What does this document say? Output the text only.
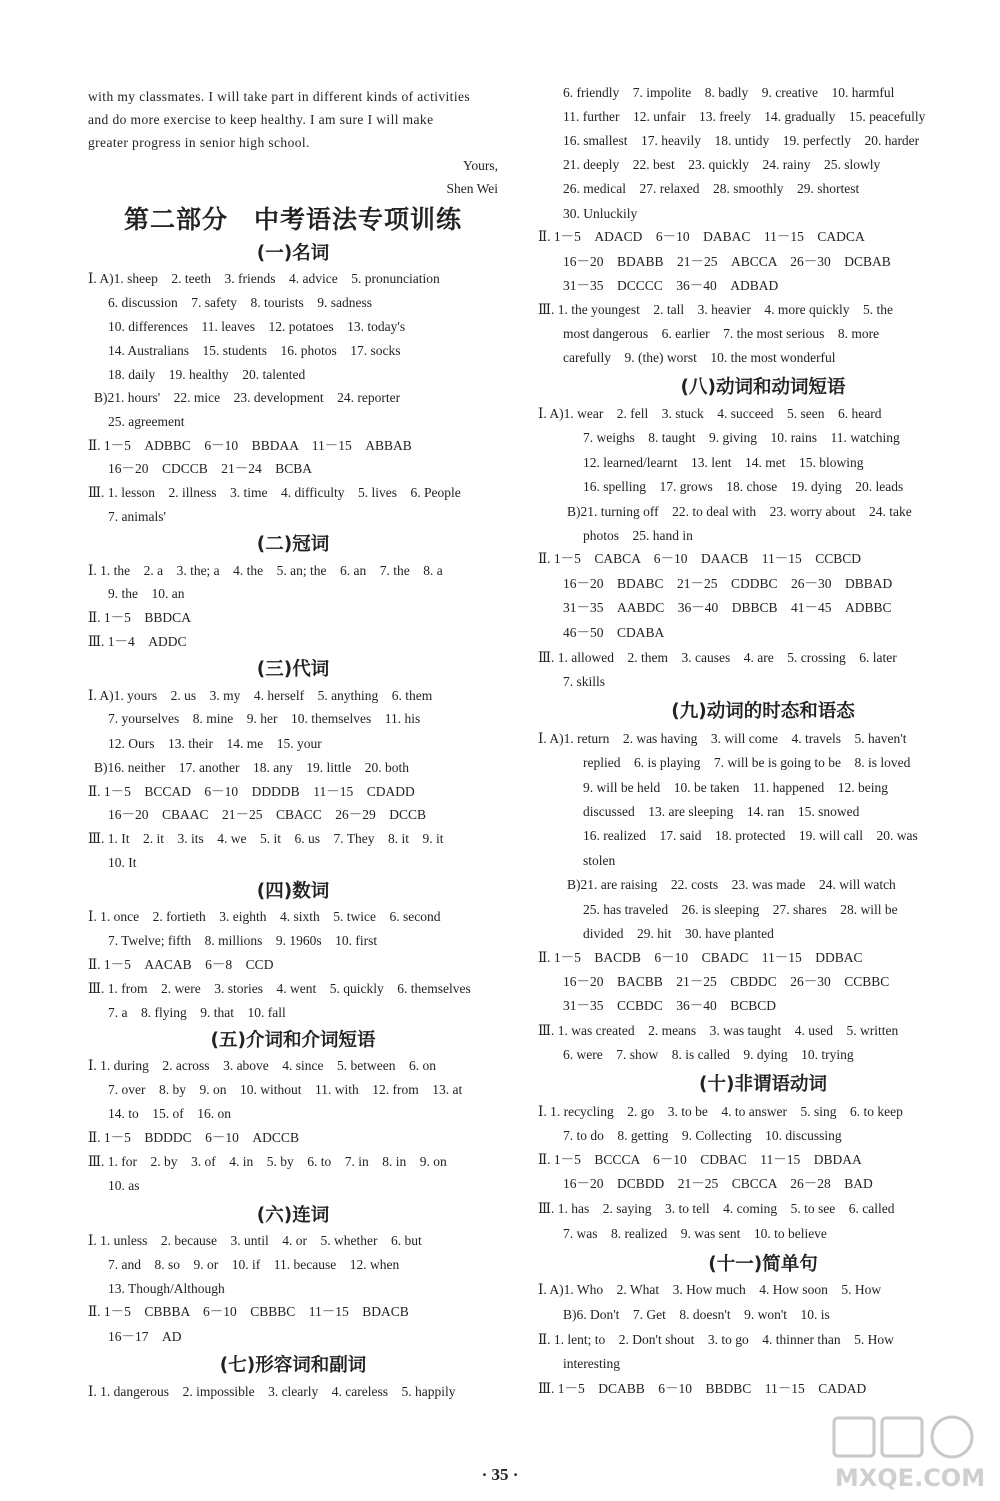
with my classmates. I will take part in different kinds of activities
and do more exercise to keep healthy. I am sure I will make
greater progress in senior high school.
Yours,
Shen Wei
第二部分　中考语法专项训练
(一)名词
Ⅰ. A)1. sheep　2. teeth　3. friends　4. advice　5. pronunciation
6. discussion　7. safety　8. tourists　9. sadness
10. differences　11. leaves　12. potatoes　13. today's
14. Australians　15. students　16. photos　17. socks
18. daily　19. healthy　20. talented
B)21. hours'　22. mice　23. development　24. reporter
25. agreement
Ⅱ. 1－5　ADBBC　6－10　BBDAA　11－15　ABBAB
16－20　CDCCB　21－24　BCBA
Ⅲ. 1. lesson　2. illness　3. time　4. difficulty　5. lives　6. People
7. animals'
(二)冠词
Ⅰ. 1. the　2. a　3. the; a　4. the　5. an; the　6. an　7. the　8. a
9. the　10. an
Ⅱ. 1－5　BBDCA
Ⅲ. 1－4　ADDC
(三)代词
Ⅰ. A)1. yours　2. us　3. my　4. herself　5. anything　6. them
7. yourselves　8. mine　9. her　10. themselves　11. his
12. Ours　13. their　14. me　15. your
B)16. neither　17. another　18. any　19. little　20. both
Ⅱ. 1－5　BCCAD　6－10　DDDDB　11－15　CDADD
16－20　CBAAC　21－25　CBACC　26－29　DCCB
Ⅲ. 1. It　2. it　3. its　4. we　5. it　6. us　7. They　8. it　9. it
10. It
(四)数词
Ⅰ. 1. once　2. fortieth　3. eighth　4. sixth　5. twice　6. second
7. Twelve; fifth　8. millions　9. 1960s　10. first
Ⅱ. 1－5　AACAB　6－8　CCD
Ⅲ. 1. from　2. were　3. stories　4. went　5. quickly　6. themselves
7. a　8. flying　9. that　10. fall
(五)介词和介词短语
Ⅰ. 1. during　2. across　3. above　4. since　5. between　6. on
7. over　8. by　9. on　10. without　11. with　12. from　13. at
14. to　15. of　16. on
Ⅱ. 1－5　BDDDC　6－10　ADCCB
Ⅲ. 1. for　2. by　3. of　4. in　5. by　6. to　7. in　8. in　9. on
10. as
(六)连词
Ⅰ. 1. unless　2. because　3. until　4. or　5. whether　6. but
7. and　8. so　9. or　10. if　11. because　12. when
13. Though/Although
Ⅱ. 1－5　CBBBA　6－10　CBBBC　11－15　BDACB
16－17　AD
(七)形容词和副词
Ⅰ. 1. dangerous　2. impossible　3. clearly　4. careless　5. happily
6. friendly　7. impolite　8. badly　9. creative　10. harmful
11. further　12. unfair　13. freely　14. gradually　15. peacefully
16. smallest　17. heavily　18. untidy　19. perfectly　20. harder
21. deeply　22. best　23. quickly　24. rainy　25. slowly
26. medical　27. relaxed　28. smoothly　29. shortest
30. Unluckily
Ⅱ. 1－5　ADACD　6－10　DABAC　11－15　CADCA
16－20　BDABB　21－25　ABCCA　26－30　DCBAB
31－35　DCCCC　36－40　ADBAD
Ⅲ. 1. the youngest　2. tall　3. heavier　4. more quickly　5. the
most dangerous　6. earlier　7. the most serious　8. more
carefully　9. (the) worst　10. the most wonderful
(八)动词和动词短语
Ⅰ. A)1. wear　2. fell　3. stuck　4. succeed　5. seen　6. heard
7. weighs　8. taught　9. giving　10. rains　11. watching
12. learned/learnt　13. lent　14. met　15. blowing
16. spelling　17. grows　18. chose　19. dying　20. leads
B)21. turning off　22. to deal with　23. worry about　24. take
photos　25. hand in
Ⅱ. 1－5　CABCA　6－10　DAACB　11－15　CCBCD
16－20　BDABC　21－25　CDDBC　26－30　DBBAD
31－35　AABDC　36－40　DBBCB　41－45　ADBBC
46－50　CDABA
Ⅲ. 1. allowed　2. them　3. causes　4. are　5. crossing　6. later
7. skills
(九)动词的时态和语态
Ⅰ. A)1. return　2. was having　3. will come　4. travels　5. haven't
replied　6. is playing　7. will be is going to be　8. is loved
9. will be held　10. be taken　11. happened　12. being
discussed　13. are sleeping　14. ran　15. snowed
16. realized　17. said　18. protected　19. will call　20. was
stolen
B)21. are raising　22. costs　23. was made　24. will watch
25. has traveled　26. is sleeping　27. shares　28. will be
divided　29. hit　30. have planted
Ⅱ. 1－5　BACDB　6－10　CBADC　11－15　DDBAC
16－20　BACBB　21－25　CBDDC　26－30　CCBBC
31－35　CCBDC　36－40　BCBCD
Ⅲ. 1. was created　2. means　3. was taught　4. used　5. written
6. were　7. show　8. is called　9. dying　10. trying
(十)非谓语动词
Ⅰ. 1. recycling　2. go　3. to be　4. to answer　5. sing　6. to keep
7. to do　8. getting　9. Collecting　10. discussing
Ⅱ. 1－5　BCCCA　6－10　CDBAC　11－15　DBDAA
16－20　DCBDD　21－25　CBCCA　26－28　BAD
Ⅲ. 1. has　2. saying　3. to tell　4. coming　5. to see　6. called
7. was　8. realized　9. was sent　10. to believe
(十一)简单句
Ⅰ. A)1. Who　2. What　3. How much　4. How soon　5. How
B)6. Don't　7. Get　8. doesn't　9. won't　10. is
Ⅱ. 1. lent; to　2. Don't shout　3. to go　4. thinner than　5. How
interesting
Ⅲ. 1－5　DCABB　6－10　BBDBC　11－15　CADAD
· 35 ·	MXQE.COM
